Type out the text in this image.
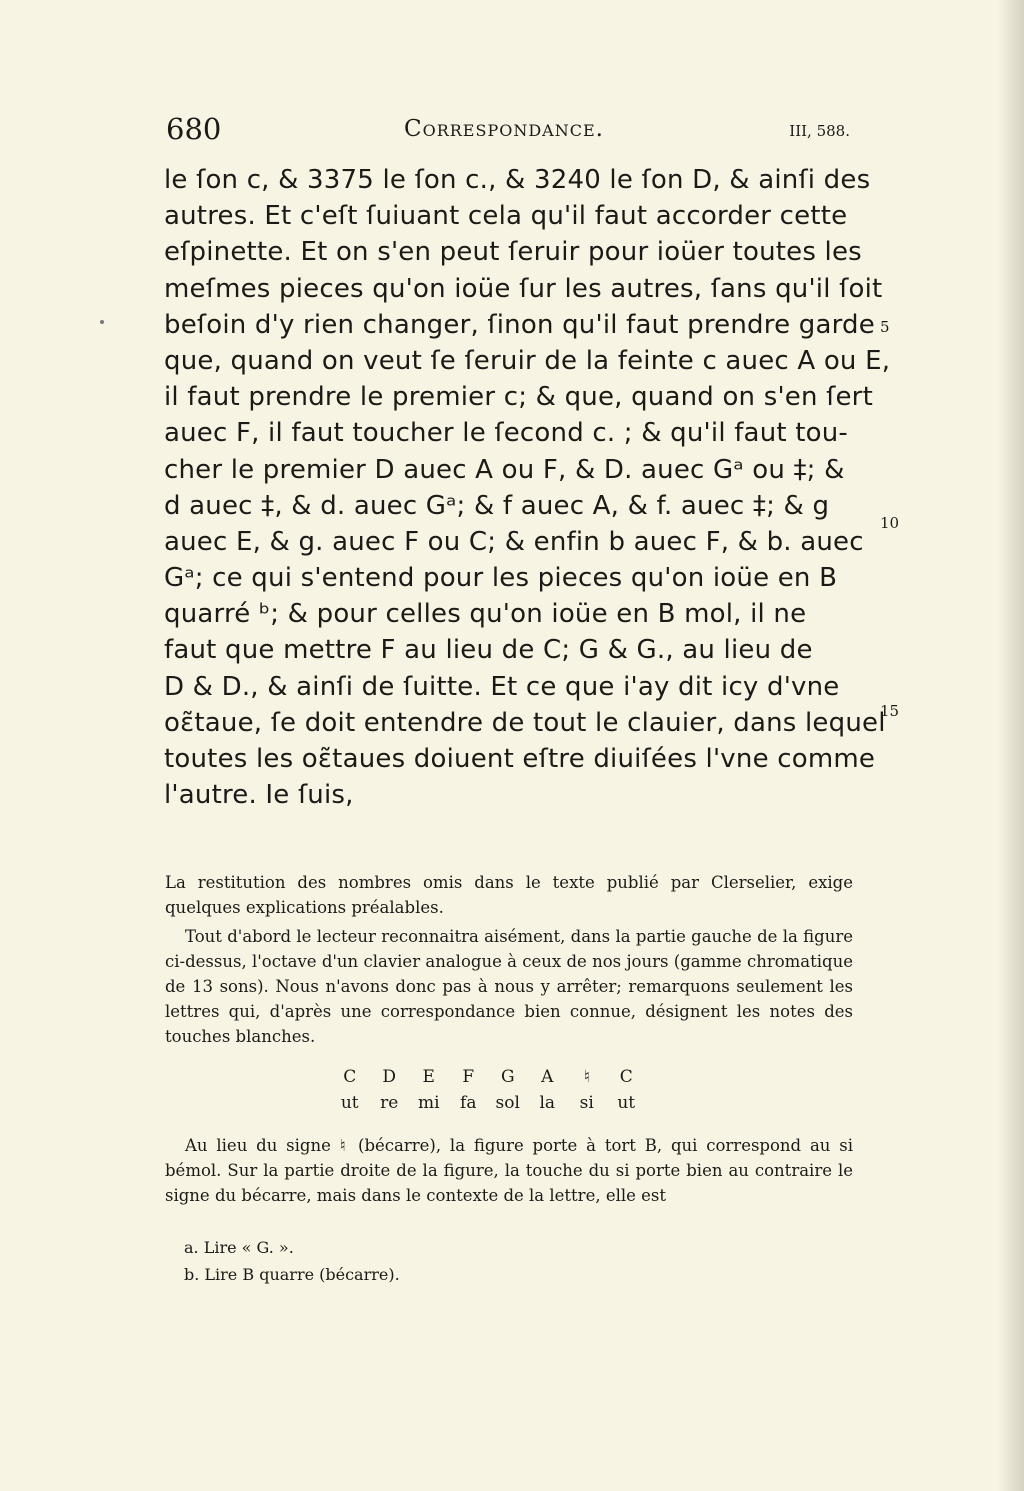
680	Correspondance.	III, 588.
le ſon c, & 3375 le ſon c., & 3240 le ſon D, & ainſi des
autres. Et c'eſt ſuiuant cela qu'il faut accorder cette
eſpinette. Et on s'en peut ſeruir pour ioüer toutes les
meſmes pieces qu'on ioüe ſur les autres, ſans qu'il ſoit
beſoin d'y rien changer, ſinon qu'il faut prendre garde
que, quand on veut ſe ſeruir de la feinte c auec A ou E,
il faut prendre le premier c; & que, quand on s'en ſert
auec F, il faut toucher le ſecond c. ; & qu'il faut tou-
cher le premier D auec A ou F, & D. auec Gᵃ ou ‡; &
d auec ‡, & d. auec Gᵃ; & f auec A, & f. auec ‡; & g
auec E, & g. auec F ou C; & enfin b auec F, & b. auec
Gᵃ; ce qui s'entend pour les pieces qu'on ioüe en B
quarré ᵇ; & pour celles qu'on ioüe en B mol, il ne
faut que mettre F au lieu de C; G & G., au lieu de
D & D., & ainſi de ſuitte. Et ce que i'ay dit icy d'vne
oɛ̃taue, ſe doit entendre de tout le clauier, dans lequel
toutes les oɛ̃taues doiuent eſtre diuiſées l'vne comme
l'autre. Ie ſuis,
5
10
15

La restitution des nombres omis dans le texte publié par Clerselier, exige quelques explications préalables.

Tout d'abord le lecteur reconnaitra aisément, dans la partie gauche de la figure ci-dessus, l'octave d'un clavier analogue à ceux de nos jours (gamme chromatique de 13 sons). Nous n'avons donc pas à nous y arrêter; remarquons seulement les lettres qui, d'après une correspondance bien connue, désignent les notes des touches blanches.

C	D	E	F	G	A	♮	C
ut	re	mi	fa	sol	la	si	ut

Au lieu du signe ♮ (bécarre), la figure porte à tort B, qui correspond au si bémol. Sur la partie droite de la figure, la touche du si porte bien au contraire le signe du bécarre, mais dans le contexte de la lettre, elle est

a. Lire « G. ».
b. Lire B quarre (bécarre).
